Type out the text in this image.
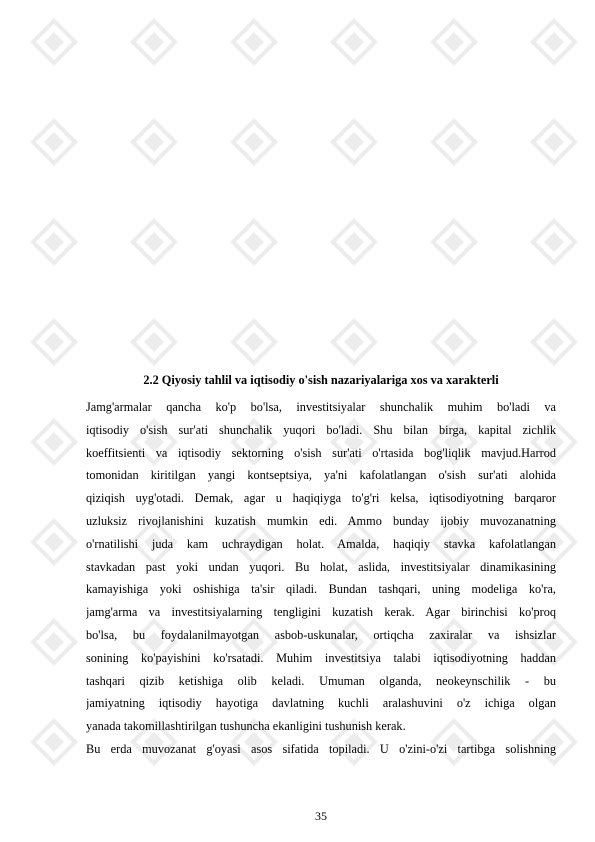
2.2 Qiyosiy tahlil va iqtisodiy o'sish nazariyalariga xos va xarakterli
Jamg'armalar qancha ko'p bo'lsa, investitsiyalar shunchalik muhim bo'ladi va
iqtisodiy o'sish sur'ati shunchalik yuqori bo'ladi. Shu bilan birga, kapital zichlik
koeffitsienti va iqtisodiy sektorning o'sish sur'ati o'rtasida bog'liqlik mavjud.Harrod
tomonidan kiritilgan yangi kontseptsiya, ya'ni kafolatlangan o'sish sur'ati alohida
qiziqish uyg'otadi. Demak, agar u haqiqiyga to'g'ri kelsa, iqtisodiyotning barqaror
uzluksiz rivojlanishini kuzatish mumkin edi. Ammo bunday ijobiy muvozanatning
o'rnatilishi juda kam uchraydigan holat. Amalda, haqiqiy stavka kafolatlangan
stavkadan past yoki undan yuqori. Bu holat, aslida, investitsiyalar dinamikasining
kamayishiga yoki oshishiga ta'sir qiladi. Bundan tashqari, uning modeliga ko'ra,
jamg'arma va investitsiyalarning tengligini kuzatish kerak. Agar birinchisi ko'proq
bo'lsa, bu foydalanilmayotgan asbob-uskunalar, ortiqcha zaxiralar va ishsizlar
sonining ko'payishini ko'rsatadi. Muhim investitsiya talabi iqtisodiyotning haddan
tashqari qizib ketishiga olib keladi. Umuman olganda, neokeynschilik - bu
jamiyatning iqtisodiy hayotiga davlatning kuchli aralashuvini o'z ichiga olgan
yanada takomillashtirilgan tushuncha ekanligini tushunish kerak.
Bu erda muvozanat g'oyasi asos sifatida topiladi. U o'zini-o'zi tartibga solishning
35
